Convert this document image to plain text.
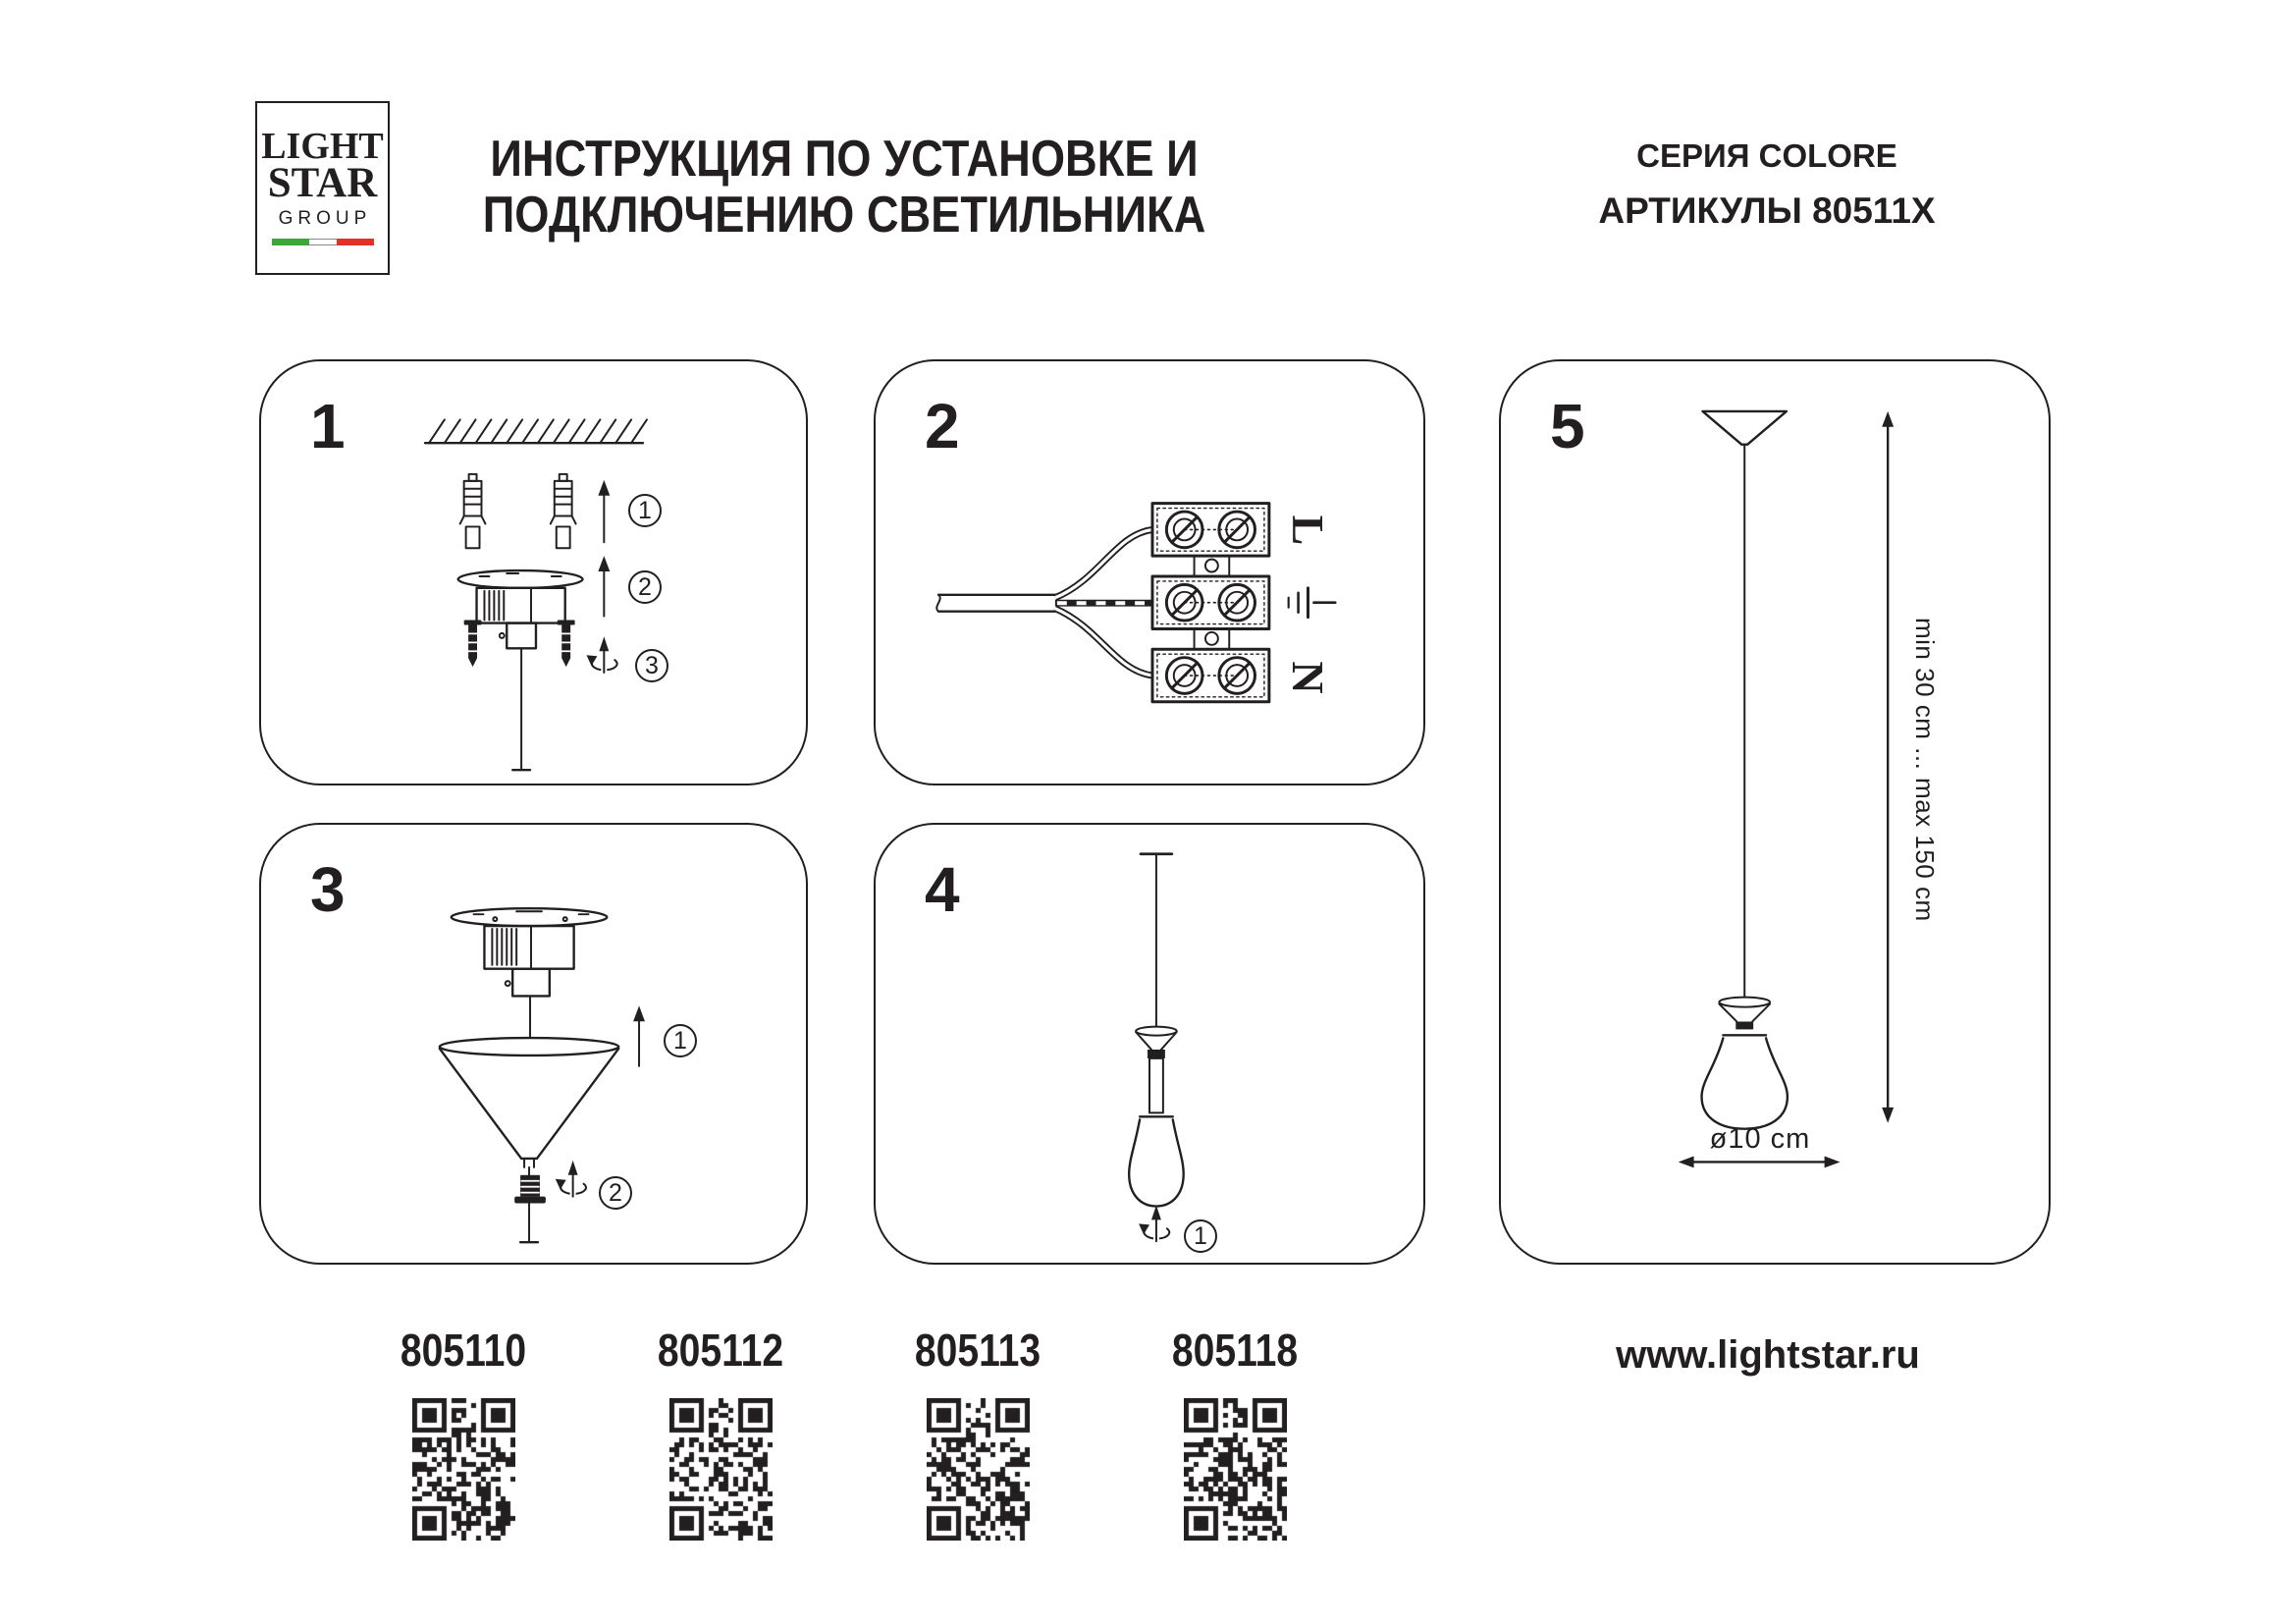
LIGHT
STAR
GROUP
ИНСТРУКЦИЯ ПО УСТАНОВКЕ И
ПОДКЛЮЧЕНИЮ СВЕТИЛЬНИКА
СЕРИЯ COLORE
АРТИКУЛЫ 80511X
1
1
2
3
2
L
N
3
1
2
4
1
5
min 30 cm ... max 150 cm
ø10 cm
805110	805112	805113	805118	www.lightstar.ru
